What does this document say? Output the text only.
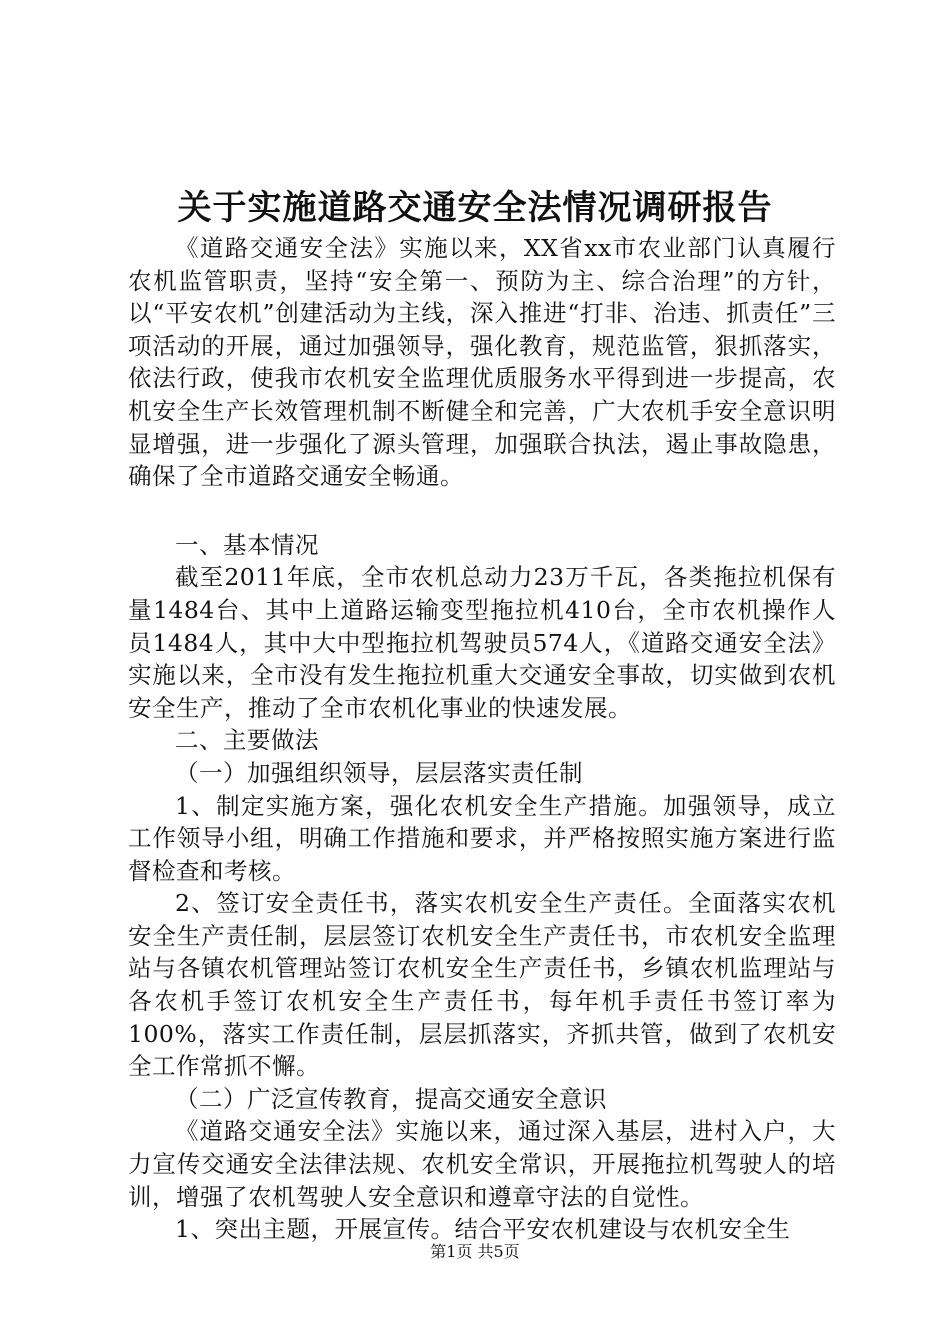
关于实施道路交通安全法情况调研报告

《道路交通安全法》实施以来，XX省xx市农业部门认真履行农机监管职责，坚持“安全第一、预防为主、综合治理”的方针，以“平安农机”创建活动为主线，深入推进“打非、治违、抓责任”三项活动的开展，通过加强领导，强化教育，规范监管，狠抓落实，依法行政，使我市农机安全监理优质服务水平得到进一步提高，农机安全生产长效管理机制不断健全和完善，广大农机手安全意识明显增强，进一步强化了源头管理，加强联合执法，遏止事故隐患，确保了全市道路交通安全畅通。

一、基本情况

截至2011年底，全市农机总动力23万千瓦，各类拖拉机保有量1484台、其中上道路运输变型拖拉机410台，全市农机操作人员1484人，其中大中型拖拉机驾驶员574人，《道路交通安全法》实施以来，全市没有发生拖拉机重大交通安全事故，切实做到农机安全生产，推动了全市农机化事业的快速发展。

二、主要做法

（一）加强组织领导，层层落实责任制

1、制定实施方案，强化农机安全生产措施。加强领导，成立工作领导小组，明确工作措施和要求，并严格按照实施方案进行监督检查和考核。

2、签订安全责任书，落实农机安全生产责任。全面落实农机安全生产责任制，层层签订农机安全生产责任书，市农机安全监理站与各镇农机管理站签订农机安全生产责任书，乡镇农机监理站与各农机手签订农机安全生产责任书，每年机手责任书签订率为100%，落实工作责任制，层层抓落实，齐抓共管，做到了农机安全工作常抓不懈。

（二）广泛宣传教育，提高交通安全意识

《道路交通安全法》实施以来，通过深入基层，进村入户，大力宣传交通安全法律法规、农机安全常识，开展拖拉机驾驶人的培训，增强了农机驾驶人安全意识和遵章守法的自觉性。

1、突出主题，开展宣传。结合平安农机建设与农机安全生

第1页 共5页
